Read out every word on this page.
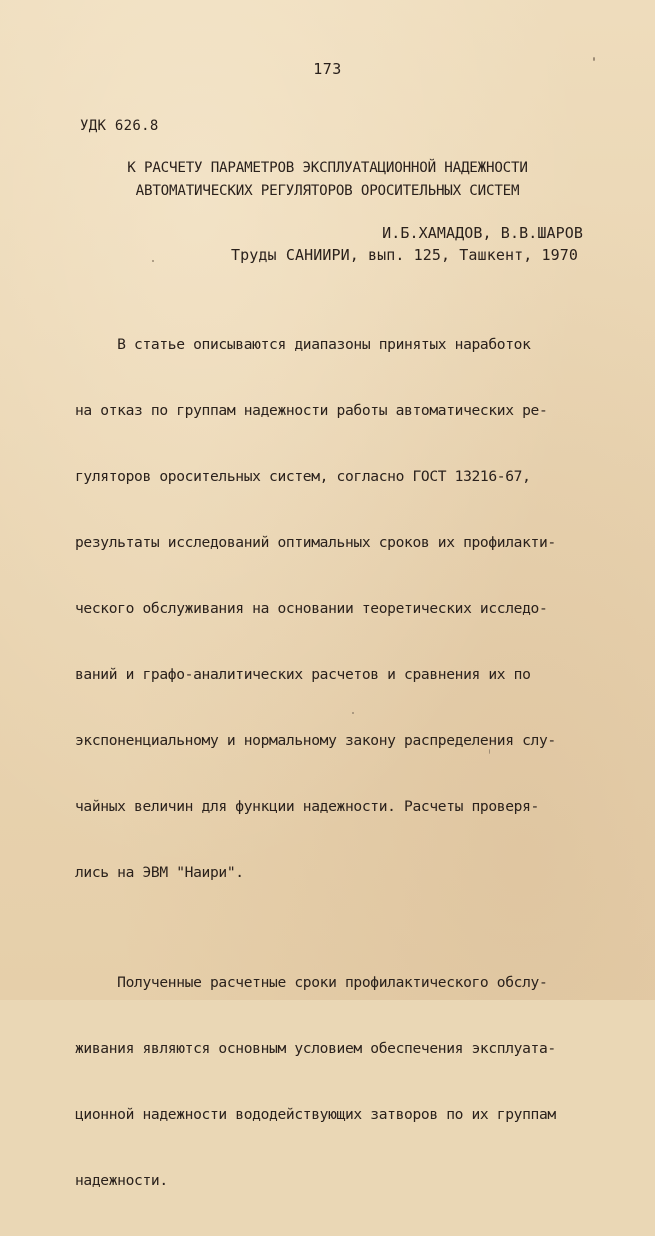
173
УДК 626.8
К РАСЧЕТУ ПАРАМЕТРОВ ЭКСПЛУАТАЦИОННОЙ НАДЕЖНОСТИ
АВТОМАТИЧЕСКИХ РЕГУЛЯТОРОВ ОРОСИТЕЛЬНЫХ СИСТЕМ
И.Б.ХАМАДОВ, В.В.ШАРОВ
Труды САНИИРИ, вып. 125, Ташкент, 1970

В статье описываются диапазоны принятых наработок

на отказ по группам надежности работы автоматических ре-

гуляторов оросительных систем, согласно ГОСТ 13216-67,

результаты исследований оптимальных сроков их профилакти-

ческого обслуживания на основании теоретических исследо-

ваний и графо-аналитических расчетов и сравнения их по

экспоненциальному и нормальному закону распределения слу-

чайных величин для функции надежности. Расчеты проверя-

лись на ЭВМ "Наири".

Полученные расчетные сроки профилактического обслу-

живания являются основным условием обеспечения эксплуата-

ционной надежности вододействующих затворов по их группам

надежности.
